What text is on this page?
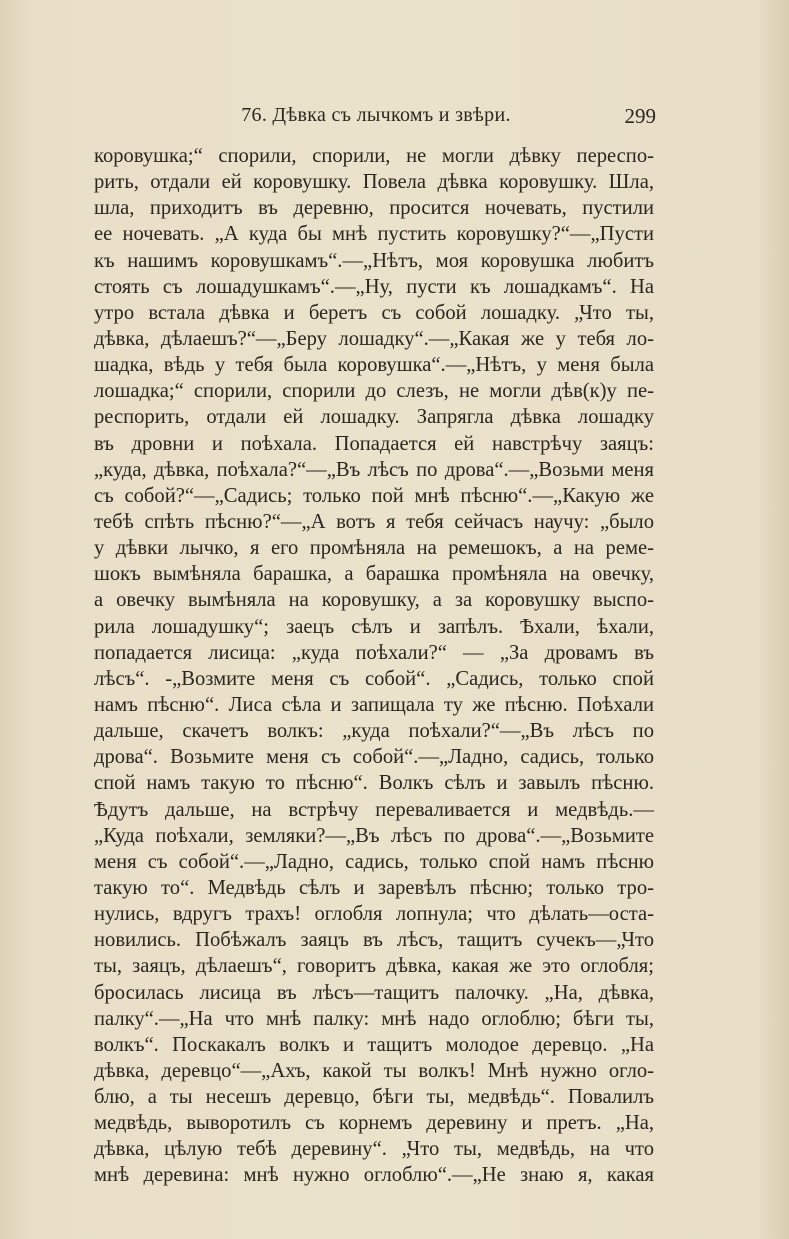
76. Дѣвка съ лычкомъ и звѣри.	299
коровушка;“ спорили, спорили, не могли дѣвку переспо-
рить, отдали ей коровушку. Повела дѣвка коровушку. Шла,
шла, приходитъ въ деревню, просится ночевать, пустили
ее ночевать. „А куда бы мнѣ пустить коровушку?“—„Пусти
къ нашимъ коровушкамъ“.—„Нѣтъ, моя коровушка любитъ
стоять съ лошадушкамъ“.—„Ну, пусти къ лошадкамъ“. На
утро встала дѣвка и беретъ съ собой лошадку. „Что ты,
дѣвка, дѣлаешъ?“—„Беру лошадку“.—„Какая же у тебя ло-
шадка, вѣдь у тебя была коровушка“.—„Нѣтъ, у меня была
лошадка;“ спорили, спорили до слезъ, не могли дѣв(к)у пе-
респорить, отдали ей лошадку. Запрягла дѣвка лошадку
въ дровни и поѣхала. Попадается ей навстрѣчу заяцъ:
„куда, дѣвка, поѣхала?“—„Въ лѣсъ по дрова“.—„Возьми меня
съ собой?“—„Садись; только пой мнѣ пѣсню“.—„Какую же
тебѣ спѣть пѣсню?“—„А вотъ я тебя сейчасъ научу: „было
у дѣвки лычко, я его промѣняла на ремешокъ, а на реме-
шокъ вымѣняла барашка, а барашка промѣняла на овечку,
а овечку вымѣняла на коровушку, а за коровушку выспо-
рила лошадушку“; заецъ сѣлъ и запѣлъ. Ѣхали, ѣхали,
попадается лисица: „куда поѣхали?“ — „За дровамъ въ
лѣсъ“. -„Возмите меня съ собой“. „Садись, только спой
намъ пѣсню“. Лиса сѣла и запищала ту же пѣсню. Поѣхали
дальше, скачетъ волкъ: „куда поѣхали?“—„Въ лѣсъ по
дрова“. Возьмите меня съ собой“.—„Ладно, садись, только
спой намъ такую то пѣсню“. Волкъ сѣлъ и завылъ пѣсню.
Ѣдутъ дальше, на встрѣчу переваливается и медвѣдь.—
„Куда поѣхали, земляки?—„Въ лѣсъ по дрова“.—„Возьмите
меня съ собой“.—„Ладно, садись, только спой намъ пѣсню
такую то“. Медвѣдь сѣлъ и заревѣлъ пѣсню; только тро-
нулись, вдругъ трахъ! оглобля лопнула; что дѣлать—оста-
новились. Побѣжалъ заяцъ въ лѣсъ, тащитъ сучекъ—„Что
ты, заяцъ, дѣлаешъ“, говоритъ дѣвка, какая же это оглобля;
бросилась лисица въ лѣсъ—тащитъ палочку. „На, дѣвка,
палку“.—„На что мнѣ палку: мнѣ надо оглоблю; бѣги ты,
волкъ“. Поскакалъ волкъ и тащитъ молодое деревцо. „На
дѣвка, деревцо“—„Ахъ, какой ты волкъ! Мнѣ нужно огло-
блю, а ты несешъ деревцо, бѣги ты, медвѣдь“. Повалилъ
медвѣдь, выворотилъ съ корнемъ деревину и претъ. „На,
дѣвка, цѣлую тебѣ деревину“. „Что ты, медвѣдь, на что
мнѣ деревина: мнѣ нужно оглоблю“.—„Не знаю я, какая
